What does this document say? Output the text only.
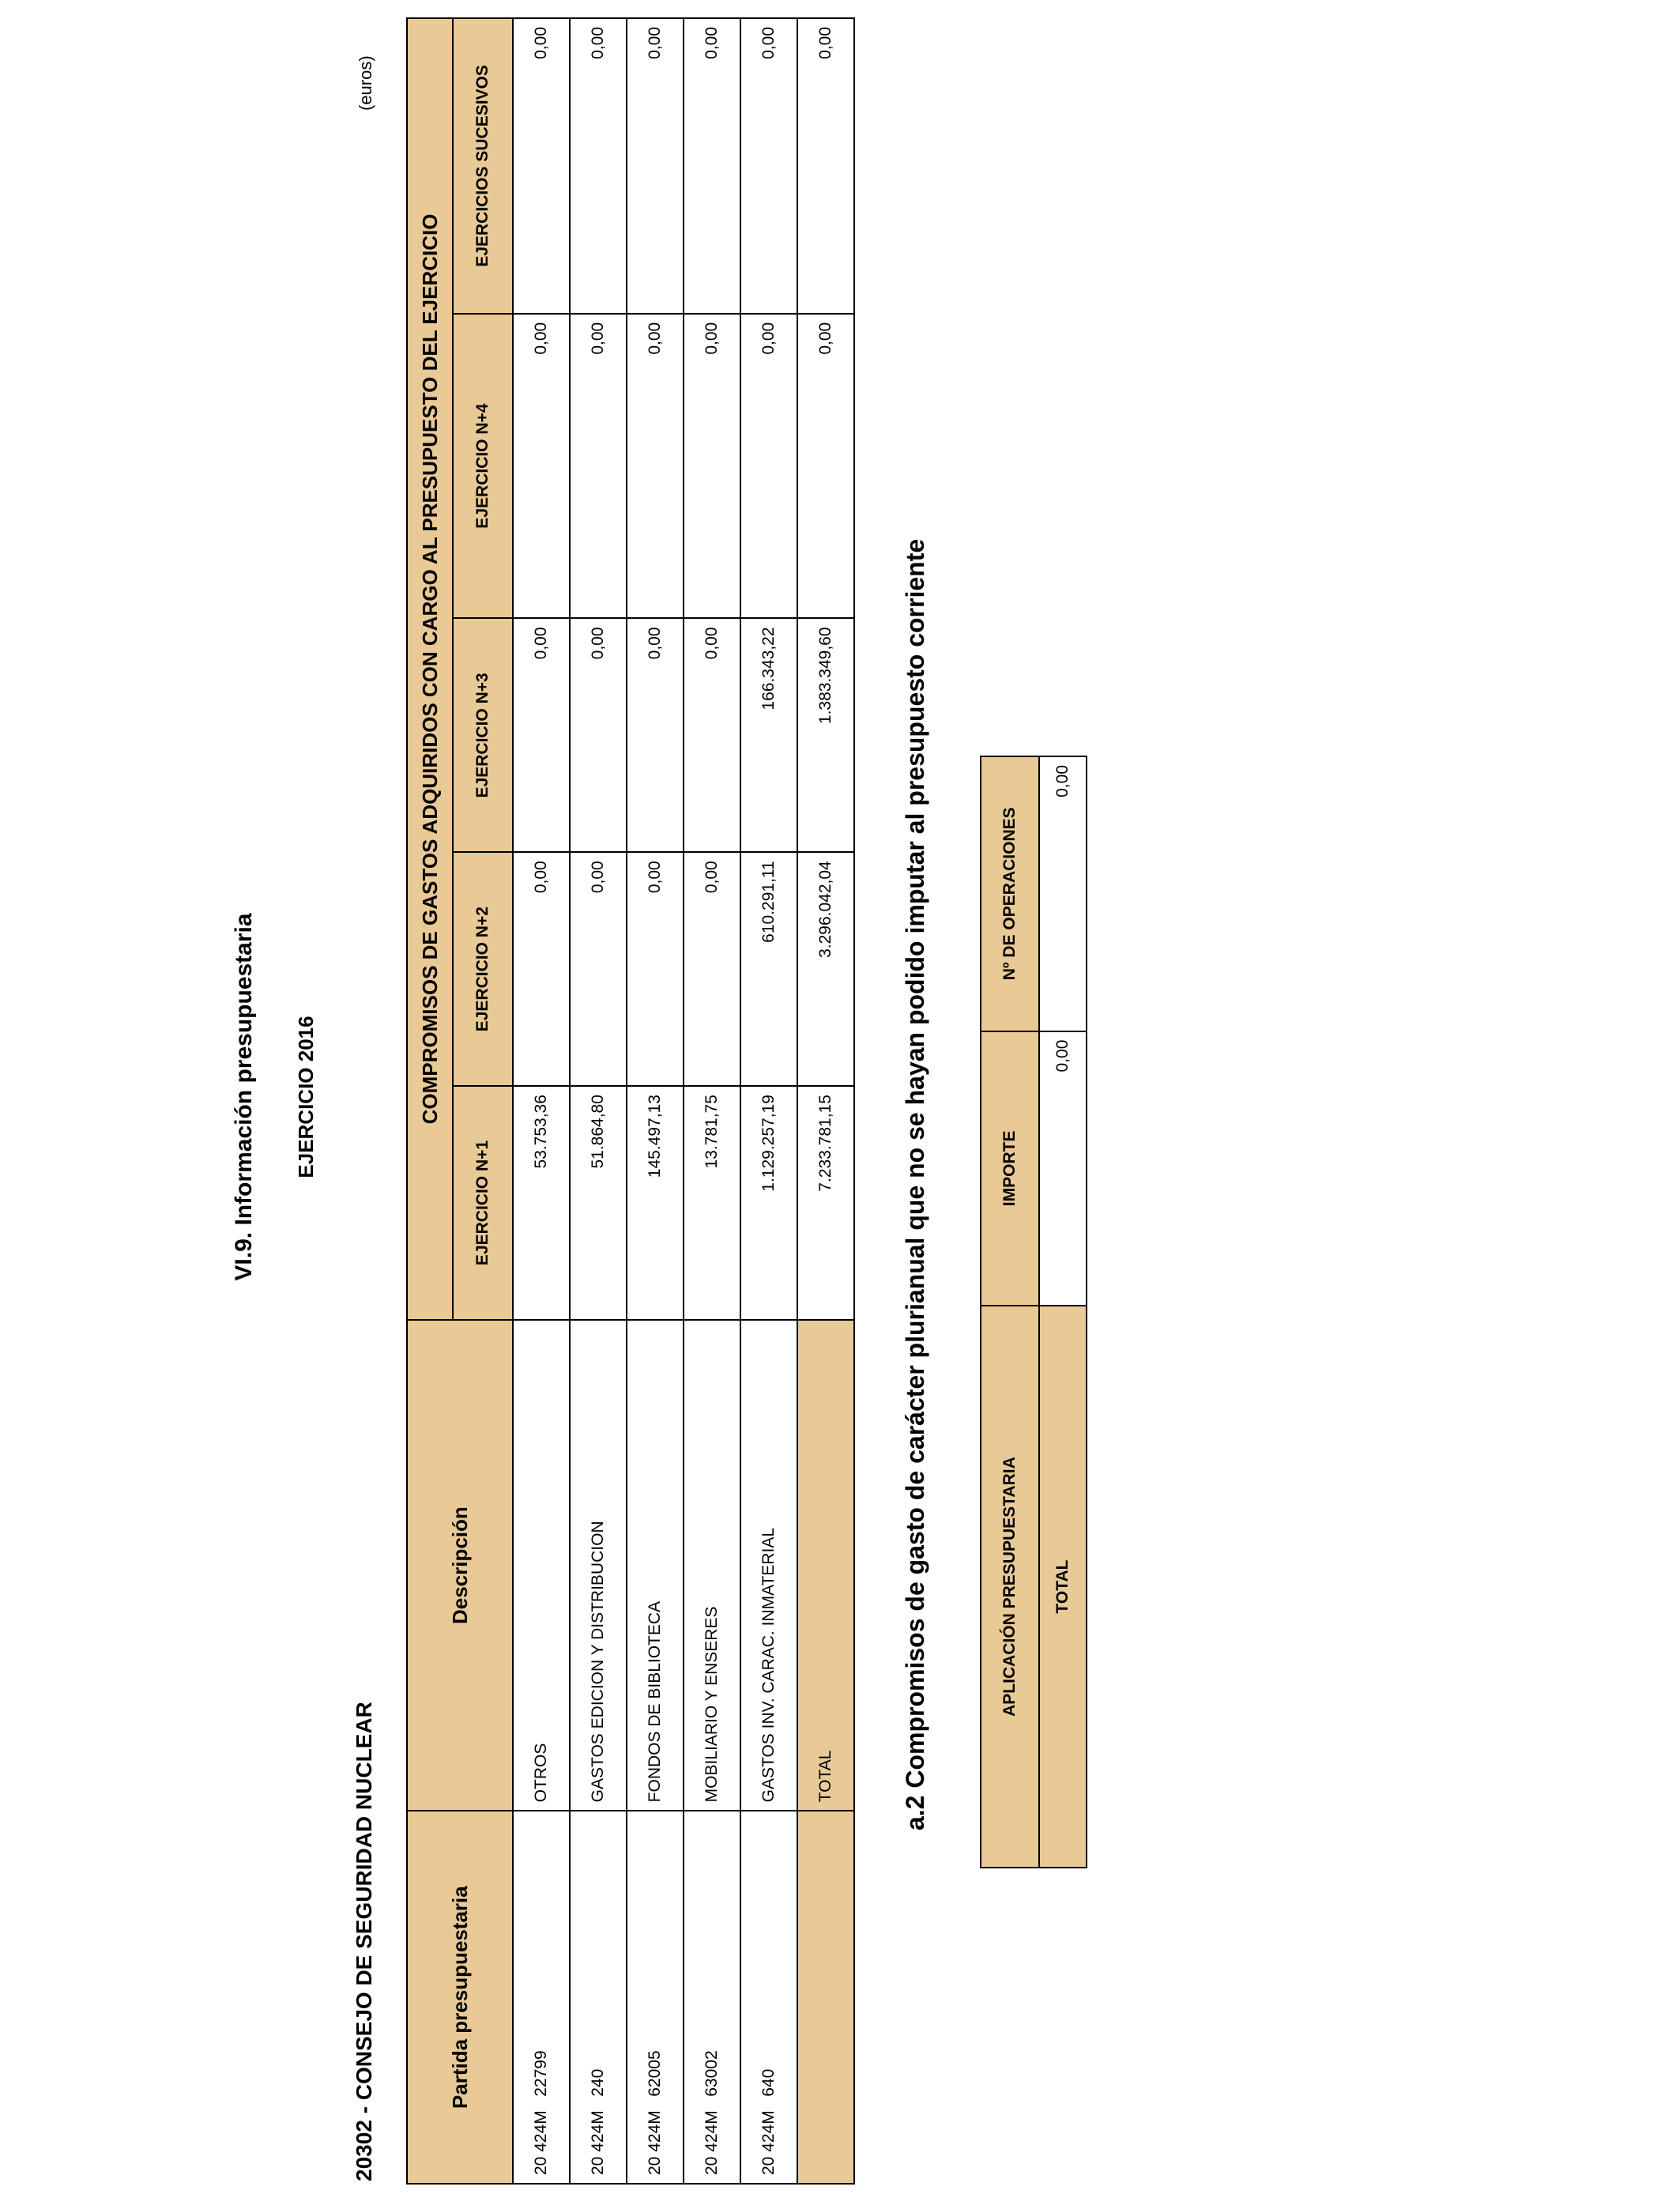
VI.9. Información presupuestaria EJERCICIO 2016
20302 - CONSEJO DE SEGURIDAD NUCLEAR
(euros)
Partida presupuestaria	Descripción	COMPROMISOS DE GASTOS ADQUIRIDOS CON CARGO AL PRESUPUESTO DEL EJERCICIO				
		EJERCICIO N+1	EJERCICIO N+2	EJERCICIO N+3	EJERCICIO N+4	EJERCICIOS SUCESIVOS
20 424M   22799	OTROS	53.753,36	0,00	0,00	0,00	0,00
20 424M   240	GASTOS EDICION Y DISTRIBUCION	51.864,80	0,00	0,00	0,00	0,00
20 424M   62005	FONDOS DE BIBLIOTECA	145.497,13	0,00	0,00	0,00	0,00
20 424M   63002	MOBILIARIO Y ENSERES	13.781,75	0,00	0,00	0,00	0,00
20 424M   640	GASTOS INV. CARAC. INMATERIAL	1.129.257,19	610.291,11	166.343,22	0,00	0,00
	TOTAL	7.233.781,15	3.296.042,04	1.383.349,60	0,00	0,00
a.2 Compromisos de gasto de carácter plurianual que no se hayan podido imputar al presupuesto corriente	APLICACIÓN PRESUPUESTARIA	IMPORTE	Nº DE OPERACIONES
TOTAL	0,00	0,00
